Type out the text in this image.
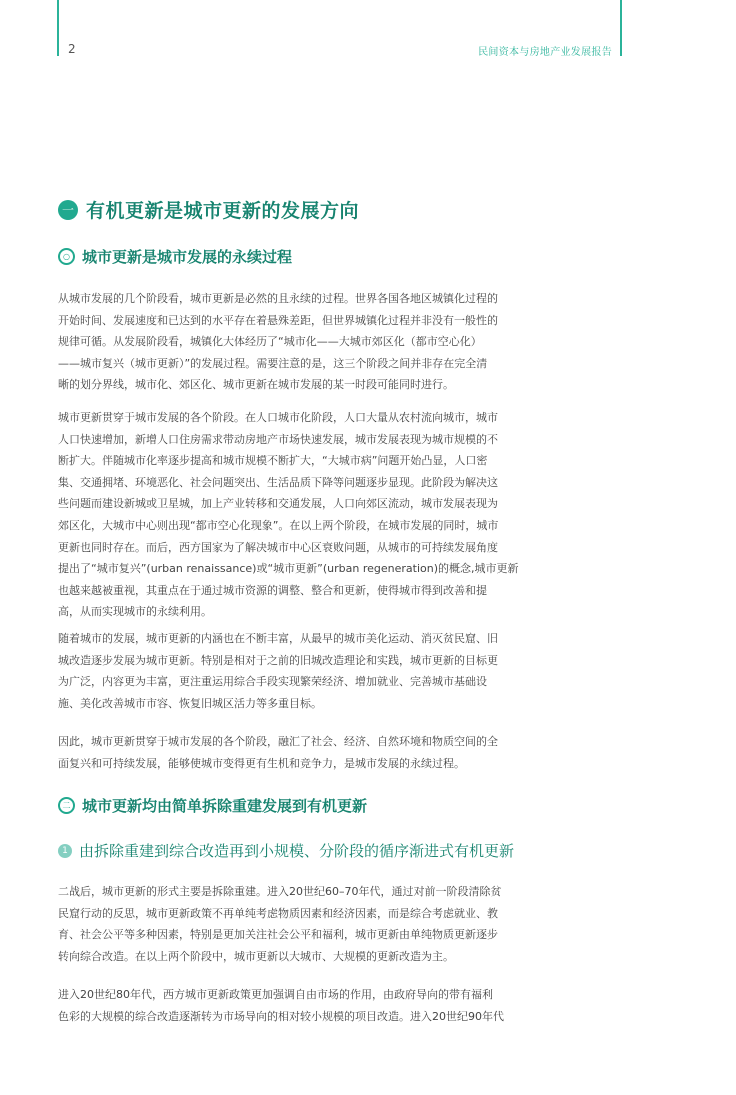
2	民间资本与房地产业发展报告
一 有机更新是城市更新的发展方向
○ 城市更新是城市发展的永续过程
从城市发展的几个阶段看，城市更新是必然的且永续的过程。世界各国各地区城镇化过程的
开始时间、发展速度和已达到的水平存在着悬殊差距，但世界城镇化过程并非没有一般性的
规律可循。从发展阶段看，城镇化大体经历了“城市化——大城市郊区化（都市空心化）
——城市复兴（城市更新）”的发展过程。需要注意的是，这三个阶段之间并非存在完全清
晰的划分界线，城市化、郊区化、城市更新在城市发展的某一时段可能同时进行。
城市更新贯穿于城市发展的各个阶段。在人口城市化阶段，人口大量从农村流向城市，城市
人口快速增加，新增人口住房需求带动房地产市场快速发展，城市发展表现为城市规模的不
断扩大。伴随城市化率逐步提高和城市规模不断扩大，“大城市病”问题开始凸显，人口密
集、交通拥堵、环境恶化、社会问题突出、生活品质下降等问题逐步显现。此阶段为解决这
些问题而建设新城或卫星城，加上产业转移和交通发展，人口向郊区流动，城市发展表现为
郊区化，大城市中心则出现“都市空心化现象”。在以上两个阶段，在城市发展的同时，城市
更新也同时存在。而后，西方国家为了解决城市中心区衰败问题，从城市的可持续发展角度
提出了“城市复兴”(urban renaissance)或“城市更新”(urban regeneration)的概念,城市更新
也越来越被重视，其重点在于通过城市资源的调整、整合和更新，使得城市得到改善和提
高，从而实现城市的永续利用。
随着城市的发展，城市更新的内涵也在不断丰富，从最早的城市美化运动、消灭贫民窟、旧
城改造逐步发展为城市更新。特别是相对于之前的旧城改造理论和实践，城市更新的目标更
为广泛，内容更为丰富，更注重运用综合手段实现繁荣经济、增加就业、完善城市基础设
施、美化改善城市市容、恢复旧城区活力等多重目标。
因此，城市更新贯穿于城市发展的各个阶段，融汇了社会、经济、自然环境和物质空间的全
面复兴和可持续发展，能够使城市变得更有生机和竞争力，是城市发展的永续过程。
二 城市更新均由简单拆除重建发展到有机更新
1 由拆除重建到综合改造再到小规模、分阶段的循序渐进式有机更新
二战后，城市更新的形式主要是拆除重建。进入20世纪60–70年代，通过对前一阶段清除贫
民窟行动的反思，城市更新政策不再单纯考虑物质因素和经济因素，而是综合考虑就业、教
育、社会公平等多种因素，特别是更加关注社会公平和福利，城市更新由单纯物质更新逐步
转向综合改造。在以上两个阶段中，城市更新以大城市、大规模的更新改造为主。
进入20世纪80年代，西方城市更新政策更加强调自由市场的作用，由政府导向的带有福利
色彩的大规模的综合改造逐渐转为市场导向的相对较小规模的项目改造。进入20世纪90年代
